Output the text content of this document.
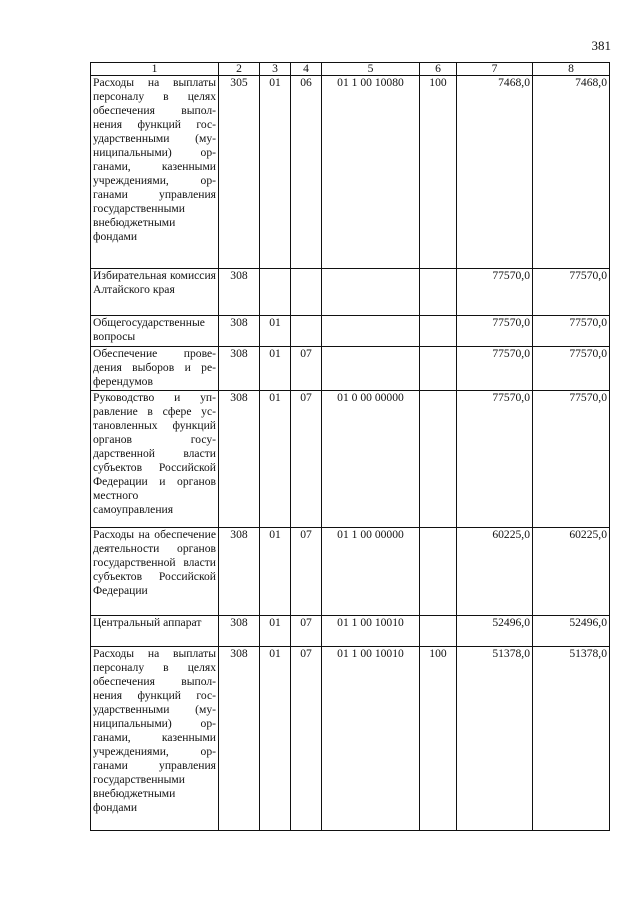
381
1	2	3	4	5	6	7	8
Расходы на выплаты персоналу в целях обеспечения выполнения функций государственными (муниципальными) органами, казенными учреждениями, органами управления государственными внебюджетными фондами	305	01	06	01 1 00 10080	100	7468,0	7468,0
Избирательная комиссия Алтайского края	308					77570,0	77570,0
Общегосударственные вопросы	308	01				77570,0	77570,0
Обеспечение проведения выборов и референдумов	308	01	07			77570,0	77570,0
Руководство и управление в сфере установленных функций органов государственной власти субъектов Российской Федерации и органов местного самоуправления	308	01	07	01 0 00 00000		77570,0	77570,0
Расходы на обеспечение деятельности органов государственной власти субъектов Российской Федерации	308	01	07	01 1 00 00000		60225,0	60225,0
Центральный аппарат	308	01	07	01 1 00 10010		52496,0	52496,0
Расходы на выплаты персоналу в целях обеспечения выполнения функций государственными (муниципальными) органами, казенными учреждениями, органами управления государственными внебюджетными фондами	308	01	07	01 1 00 10010	100	51378,0	51378,0
